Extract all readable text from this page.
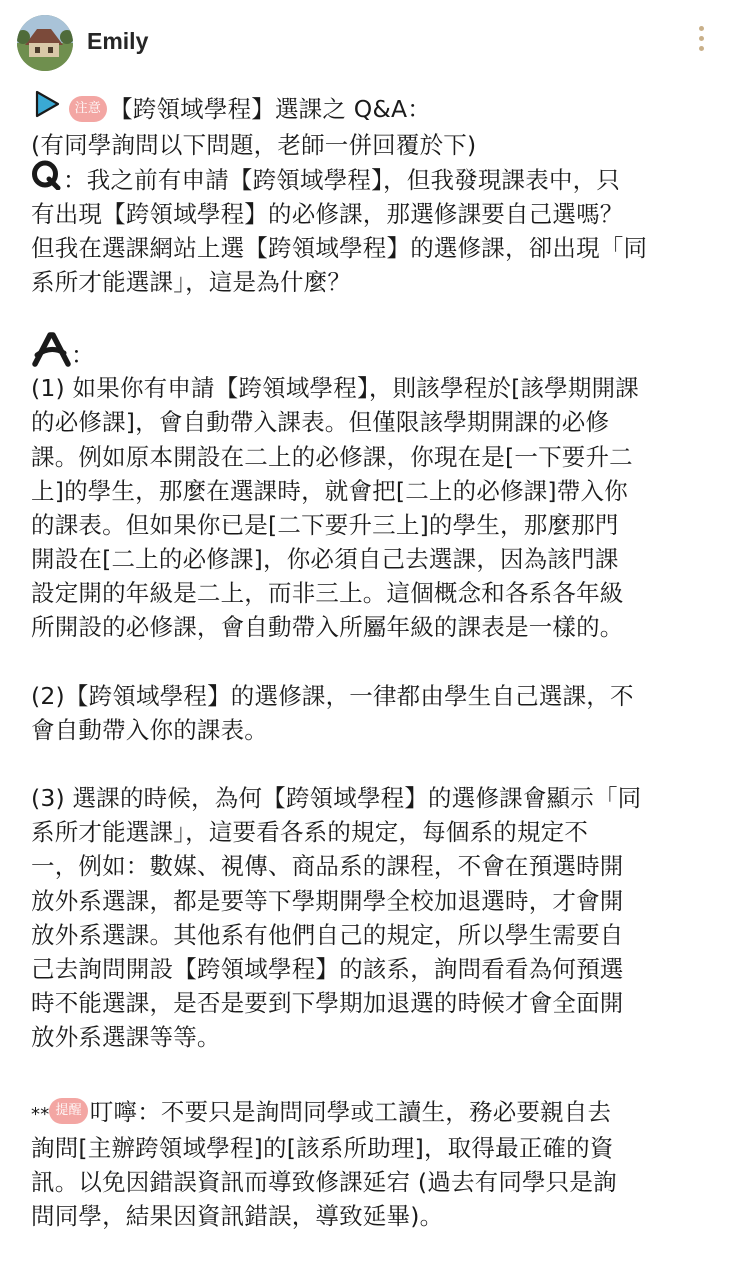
Emily
注意 【跨領域學程】選課之 Q&A：
(有同學詢問以下問題，老師一併回覆於下)
：我之前有申請【跨領域學程】，但我發現課表中，只
有出現【跨領域學程】的必修課，那選修課要自己選嗎？
但我在選課網站上選【跨領域學程】的選修課，卻出現「同
系所才能選課」，這是為什麼？
：
(1) 如果你有申請【跨領域學程】，則該學程於[該學期開課
的必修課]，會自動帶入課表。但僅限該學期開課的必修
課。例如原本開設在二上的必修課，你現在是[一下要升二
上]的學生，那麼在選課時，就會把[二上的必修課]帶入你
的課表。但如果你已是[二下要升三上]的學生，那麼那門
開設在[二上的必修課]，你必須自己去選課，因為該門課
設定開的年級是二上，而非三上。這個概念和各系各年級
所開設的必修課，會自動帶入所屬年級的課表是一樣的。
(2)【跨領域學程】的選修課，一律都由學生自己選課，不
會自動帶入你的課表。
(3) 選課的時候，為何【跨領域學程】的選修課會顯示「同
系所才能選課」，這要看各系的規定，每個系的規定不
一，例如：數媒、視傳、商品系的課程，不會在預選時開
放外系選課，都是要等下學期開學全校加退選時，才會開
放外系選課。其他系有他們自己的規定，所以學生需要自
己去詢問開設【跨領域學程】的該系，詢問看看為何預選
時不能選課，是否是要到下學期加退選的時候才會全面開
放外系選課等等。
** 提醒 叮嚀：不要只是詢問同學或工讀生，務必要親自去
詢問[主辦跨領域學程]的[該系所助理]，取得最正確的資
訊。以免因錯誤資訊而導致修課延宕 (過去有同學只是詢
問同學，結果因資訊錯誤，導致延畢)。
